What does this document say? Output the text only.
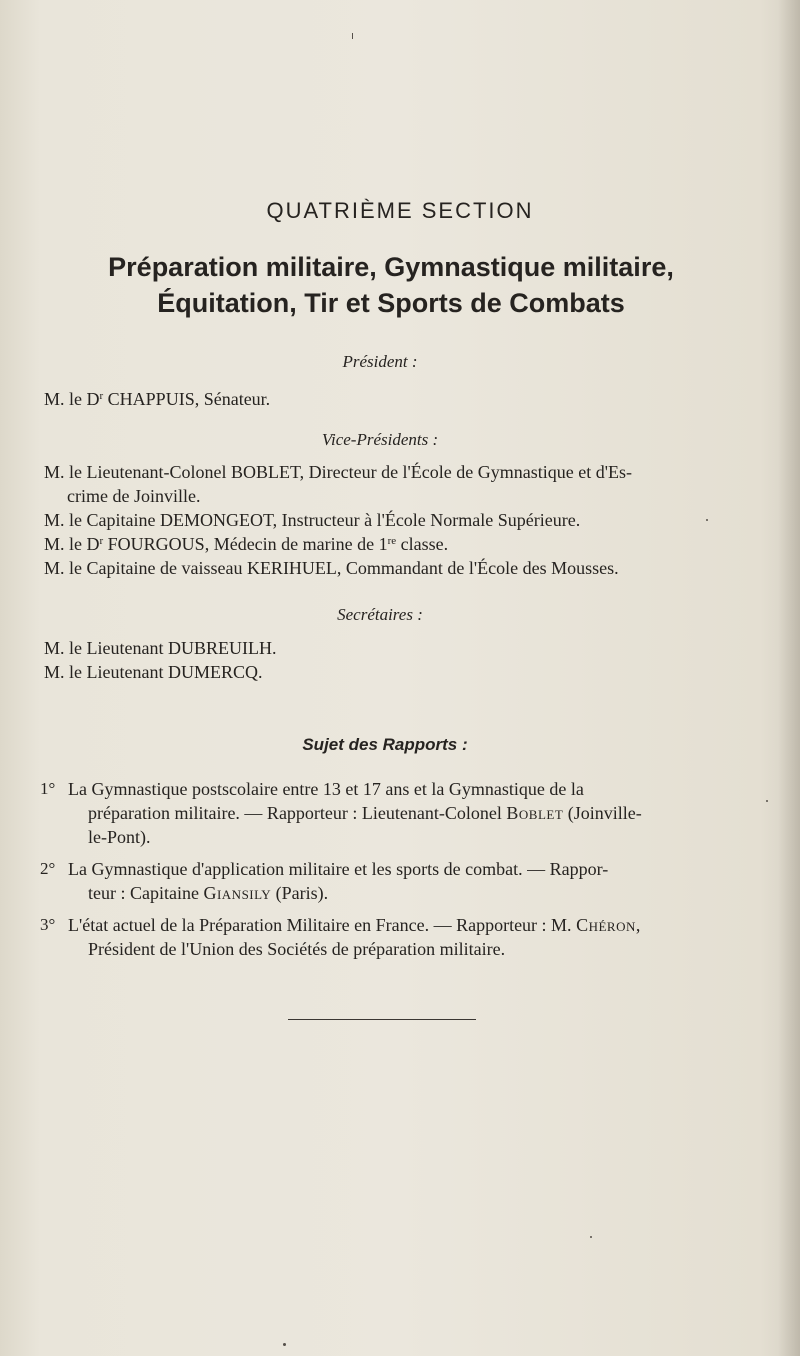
QUATRIÈME SECTION
Préparation militaire, Gymnastique militaire,
Équitation, Tir et Sports de Combats
Président :
M. le $D^r$ CHAPPUIS, Sénateur.
Vice-Présidents :
M. le Lieutenant-Colonel BOBLET, Directeur de l'École de Gymnastique et d'Es-
crime de Joinville.
M. le Capitaine DEMONGEOT, Instructeur à l'École Normale Supérieure.
M. le $D^r$ FOURGOUS, Médecin de marine de 1re classe.
M. le Capitaine de vaisseau KERIHUEL, Commandant de l'École des Mousses.
Secrétaires :
M. le Lieutenant DUBREUILH.
M. le Lieutenant DUMERCQ.
Sujet des Rapports :
1° La Gymnastique postscolaire entre 13 et 17 ans et la Gymnastique de la
préparation militaire. — Rapporteur : Lieutenant-Colonel Boblet (Joinville-
le-Pont).
2° La Gymnastique d'application militaire et les sports de combat. — Rappor-
teur : Capitaine Giansily (Paris).
3° L'état actuel de la Préparation Militaire en France. — Rapporteur : M. Chéron,
Président de l'Union des Sociétés de préparation militaire.
